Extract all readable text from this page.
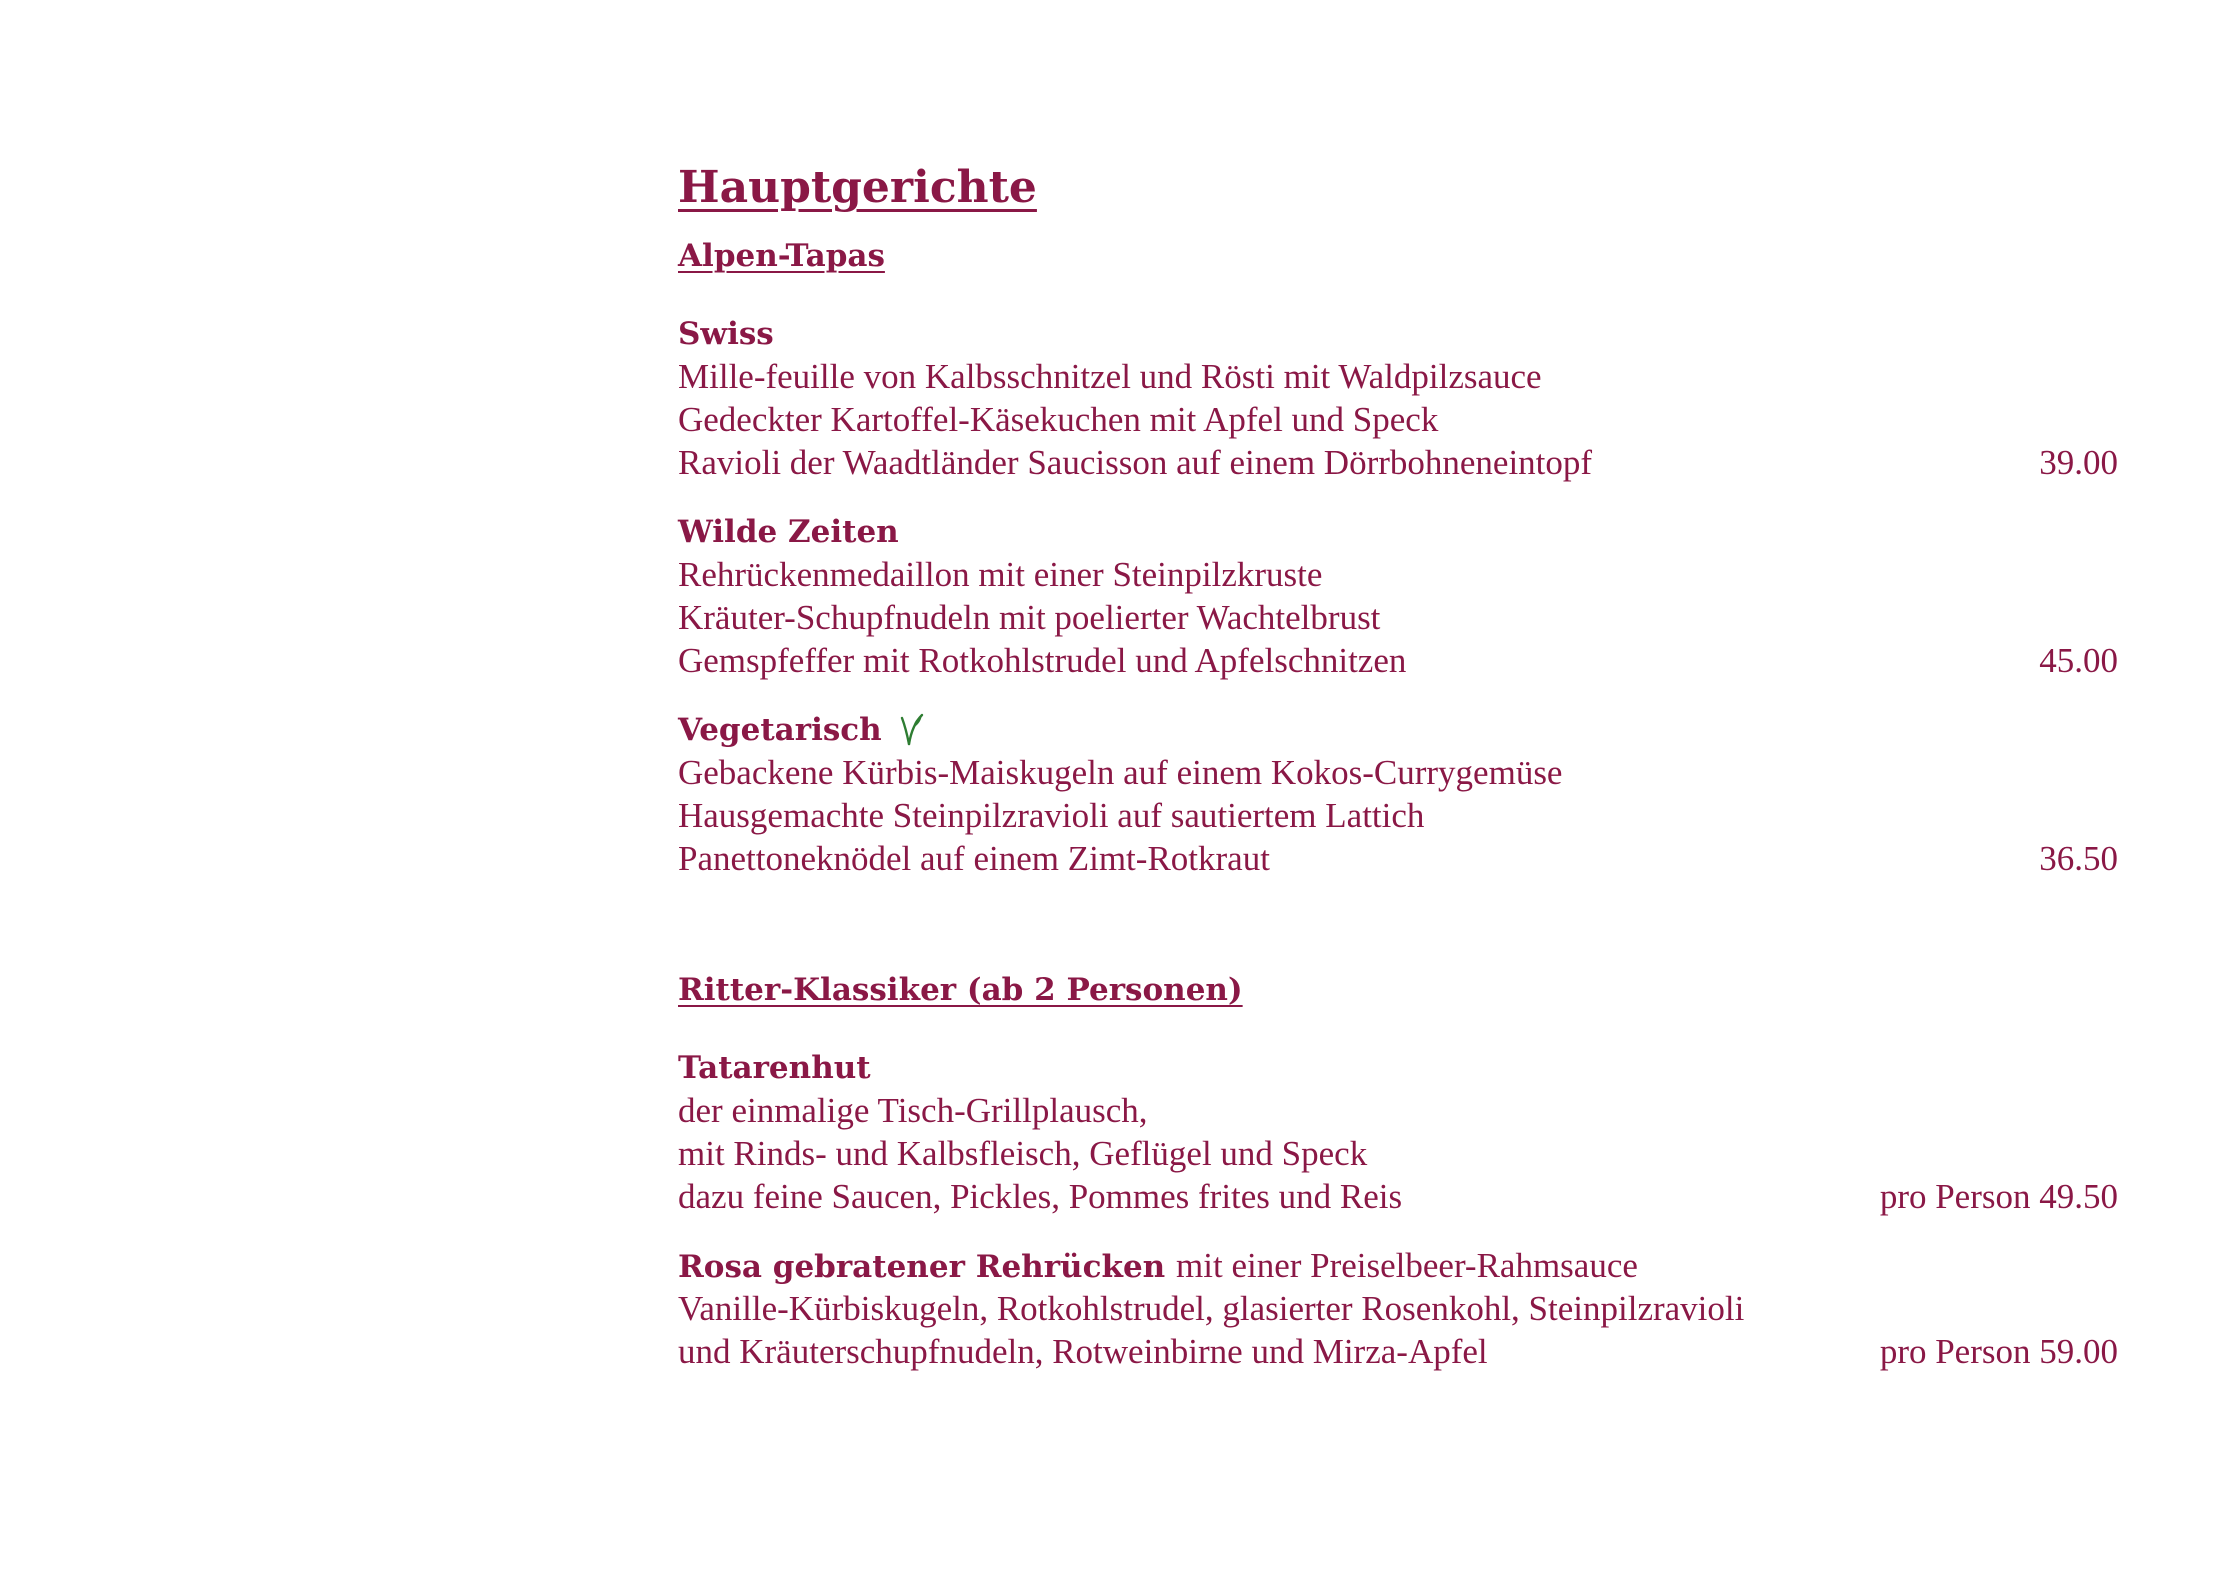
Hauptgerichte
Alpen-Tapas
Swiss
Mille-feuille von Kalbsschnitzel und Rösti mit Waldpilzsauce
Gedeckter Kartoffel-Käsekuchen mit Apfel und Speck
Ravioli der Waadtländer Saucisson auf einem Dörrbohneneintopf	39.00
Wilde Zeiten
Rehrückenmedaillon mit einer Steinpilzkruste
Kräuter-Schupfnudeln mit poelierter Wachtelbrust
Gemspfeffer mit Rotkohlstrudel und Apfelschnitzen	45.00
Vegetarisch
Gebackene Kürbis-Maiskugeln auf einem Kokos-Currygemüse
Hausgemachte Steinpilzravioli auf sautiertem Lattich
Panettoneknödel auf einem Zimt-Rotkraut	36.50
Ritter-Klassiker (ab 2 Personen)
Tatarenhut
der einmalige Tisch-Grillplausch,
mit Rinds- und Kalbsfleisch, Geflügel und Speck
dazu feine Saucen, Pickles, Pommes frites und Reis	pro Person 49.50
Rosa gebratener Rehrücken mit einer Preiselbeer-Rahmsauce
Vanille-Kürbiskugeln, Rotkohlstrudel, glasierter Rosenkohl, Steinpilzravioli
und Kräuterschupfnudeln, Rotweinbirne und Mirza-Apfel	pro Person 59.00
